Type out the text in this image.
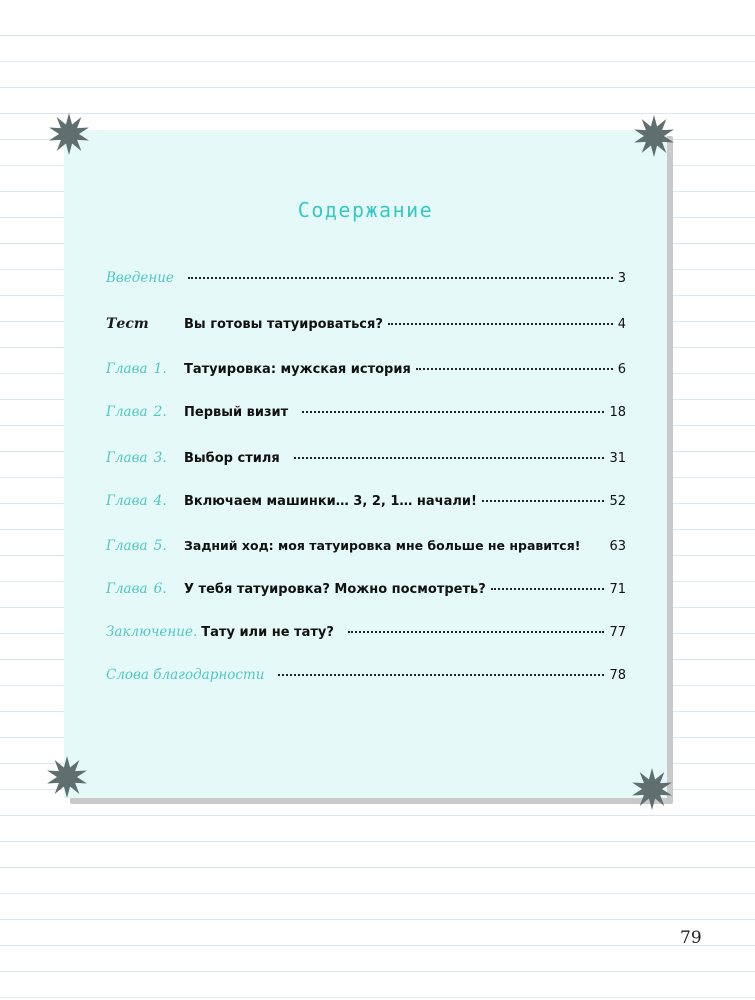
Содержание
Введение	3
Тест	Вы готовы татуироваться?	4
Глава 1.	Татуировка: мужская история	6
Глава 2.	Первый визит	18
Глава 3.	Выбор стиля	31
Глава 4.	Включаем машинки… 3, 2, 1… начали!	52
Глава 5.	Задний ход: моя татуировка мне больше не нравится! 63
Глава 6.	У тебя татуировка? Можно посмотреть?	71
Заключение. Тату или не тату?	77
Слова благодарности	78
79
